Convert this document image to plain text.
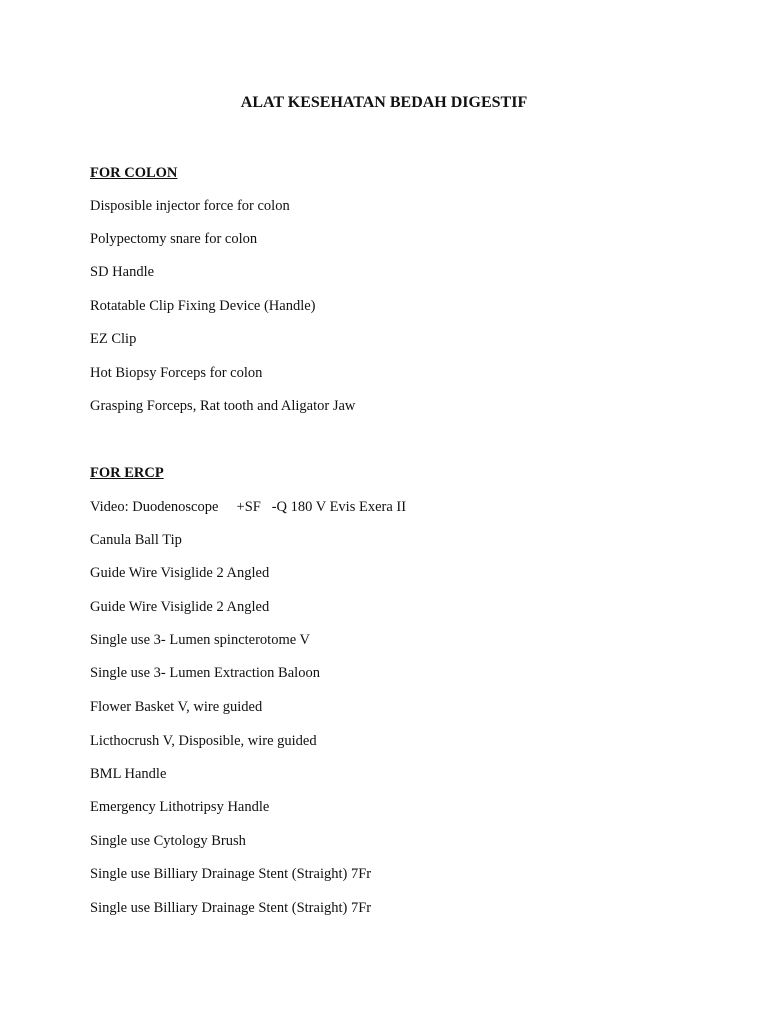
ALAT KESEHATAN BEDAH DIGESTIF
FOR COLON
Disposible injector force for colon
Polypectomy snare for colon
SD Handle
Rotatable Clip Fixing Device (Handle)
EZ Clip
Hot Biopsy Forceps for colon
Grasping Forceps, Rat tooth and Aligator Jaw
FOR ERCP
Video: Duodenoscope     +SF   -Q 180 V Evis Exera II
Canula Ball Tip
Guide Wire Visiglide 2 Angled
Guide Wire Visiglide 2 Angled
Single use 3- Lumen spincterotome V
Single use 3- Lumen Extraction Baloon
Flower Basket V, wire guided
Licthocrush V, Disposible, wire guided
BML Handle
Emergency Lithotripsy Handle
Single use Cytology Brush
Single use Billiary Drainage Stent (Straight) 7Fr
Single use Billiary Drainage Stent (Straight) 7Fr
